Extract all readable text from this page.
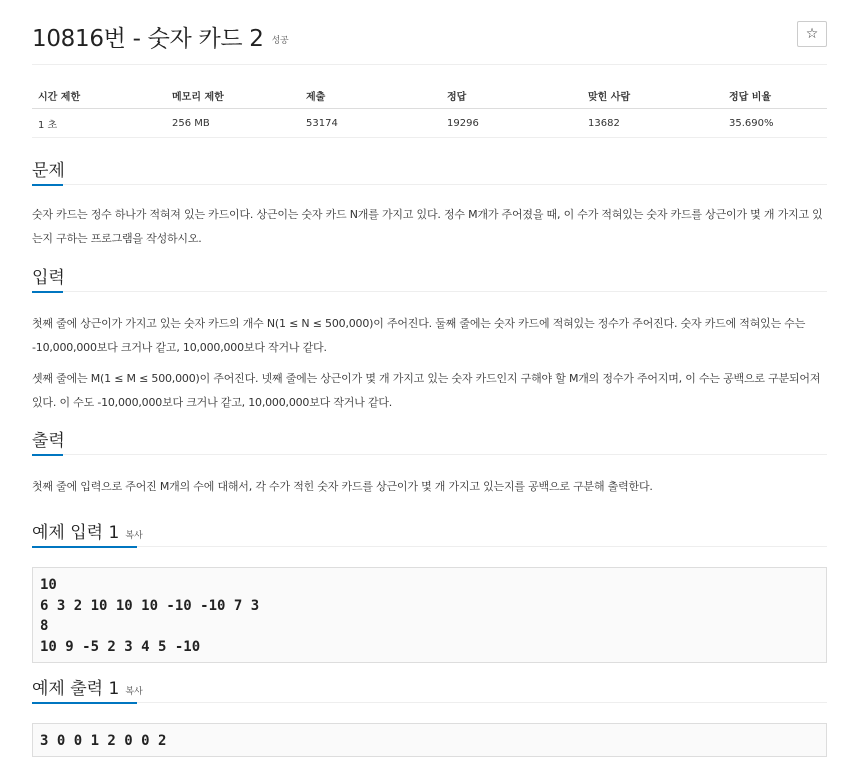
10816번 - 숫자 카드 2 성공	☆
시간 제한	메모리 제한	제출	정답	맞힌 사람	정답 비율
1 초	256 MB	53174	19296	13682	35.690%
문제

숫자 카드는 정수 하나가 적혀져 있는 카드이다. 상근이는 숫자 카드 N개를 가지고 있다. 정수 M개가 주어졌을 때, 이 수가 적혀있는 숫자 카드를 상근이가 몇 개 가지고 있는지 구하는 프로그램을 작성하시오.

입력

첫째 줄에 상근이가 가지고 있는 숫자 카드의 개수 N(1 ≤ N ≤ 500,000)이 주어진다. 둘째 줄에는 숫자 카드에 적혀있는 정수가 주어진다. 숫자 카드에 적혀있는 수는 -10,000,000보다 크거나 같고, 10,000,000보다 작거나 같다.

셋째 줄에는 M(1 ≤ M ≤ 500,000)이 주어진다. 넷째 줄에는 상근이가 몇 개 가지고 있는 숫자 카드인지 구해야 할 M개의 정수가 주어지며, 이 수는 공백으로 구분되어져 있다. 이 수도 -10,000,000보다 크거나 같고, 10,000,000보다 작거나 같다.

출력

첫째 줄에 입력으로 주어진 M개의 수에 대해서, 각 수가 적힌 숫자 카드를 상근이가 몇 개 가지고 있는지를 공백으로 구분해 출력한다.

예제 입력 1 복사
10
6 3 2 10 10 10 -10 -10 7 3
8
10 9 -5 2 3 4 5 -10
예제 출력 1 복사
3 0 0 1 2 0 0 2
